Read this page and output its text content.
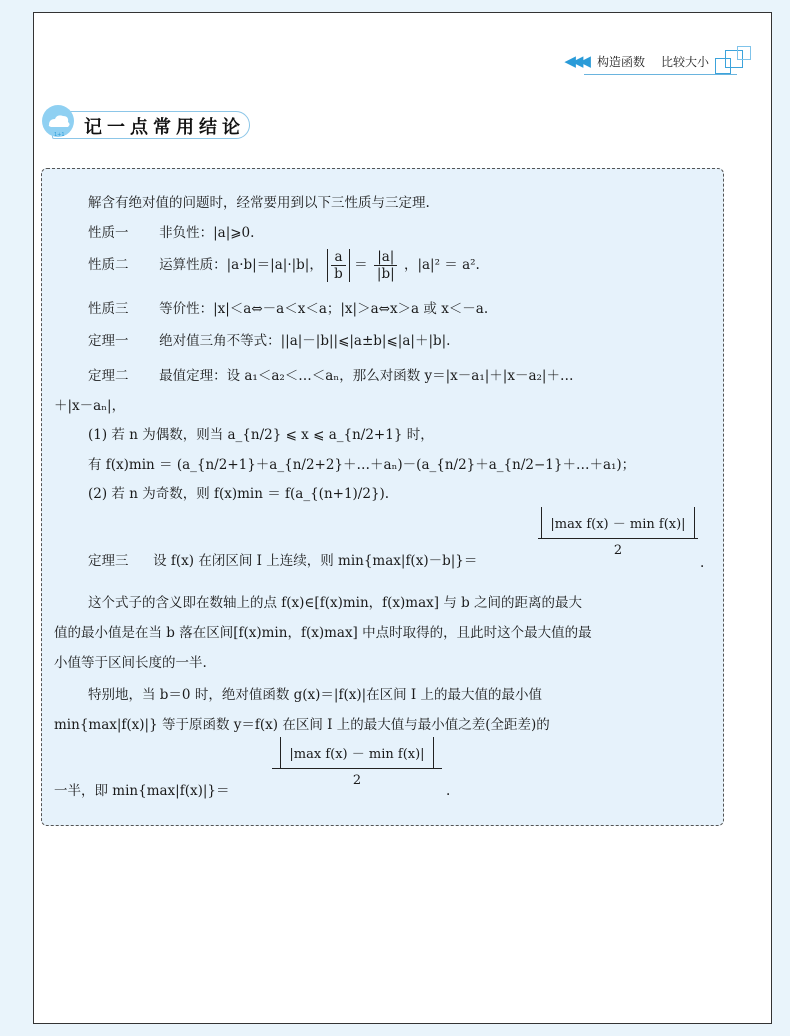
◀◀◀ 构造函数 比较大小
1+1 记一点常用结论
解含有绝对值的问题时，经常要用到以下三性质与三定理.
性质一 非负性：|a|⩾0.
性质二 运算性质：|a·b|＝|a|·|b|， $\frac{a}{b} = \frac{|a|}{|b|}$ ，|a|² ＝ a².
性质三 等价性：|x|＜a⇔－a＜x＜a；|x|＞a⇔x＞a 或 x＜－a.
定理一 绝对值三角不等式：||a|－|b||⩽|a±b|⩽|a|＋|b|.
定理二 最值定理：设 a₁＜a₂＜…＜aₙ，那么对函数 y＝|x－a₁|＋|x－a₂|＋…
＋|x－aₙ|，
(1) 若 n 为偶数，则当 a_{n/2} ⩽ x ⩽ a_{n/2+1} 时，
有 f(x)min ＝ (a_{n/2+1}＋a_{n/2+2}＋…＋aₙ)－(a_{n/2}＋a_{n/2−1}＋…＋a₁)；
(2) 若 n 为奇数，则 f(x)min ＝ f(a_{(n+1)/2}).
定理三 设 f(x) 在闭区间 I 上连续，则 min{max|f(x)－b|}＝
|max f(x) － min f(x)|
2
.
这个式子的含义即在数轴上的点 f(x)∈[f(x)min，f(x)max] 与 b 之间的距离的最大
值的最小值是在当 b 落在区间[f(x)min，f(x)max] 中点时取得的，且此时这个最大值的最
小值等于区间长度的一半.
特别地，当 b＝0 时，绝对值函数 g(x)＝|f(x)|在区间 I 上的最大值的最小值
min{max|f(x)|} 等于原函数 y＝f(x) 在区间 I 上的最大值与最小值之差(全距差)的
一半，即 min{max|f(x)|}＝
|max f(x) － min f(x)|
2
.
